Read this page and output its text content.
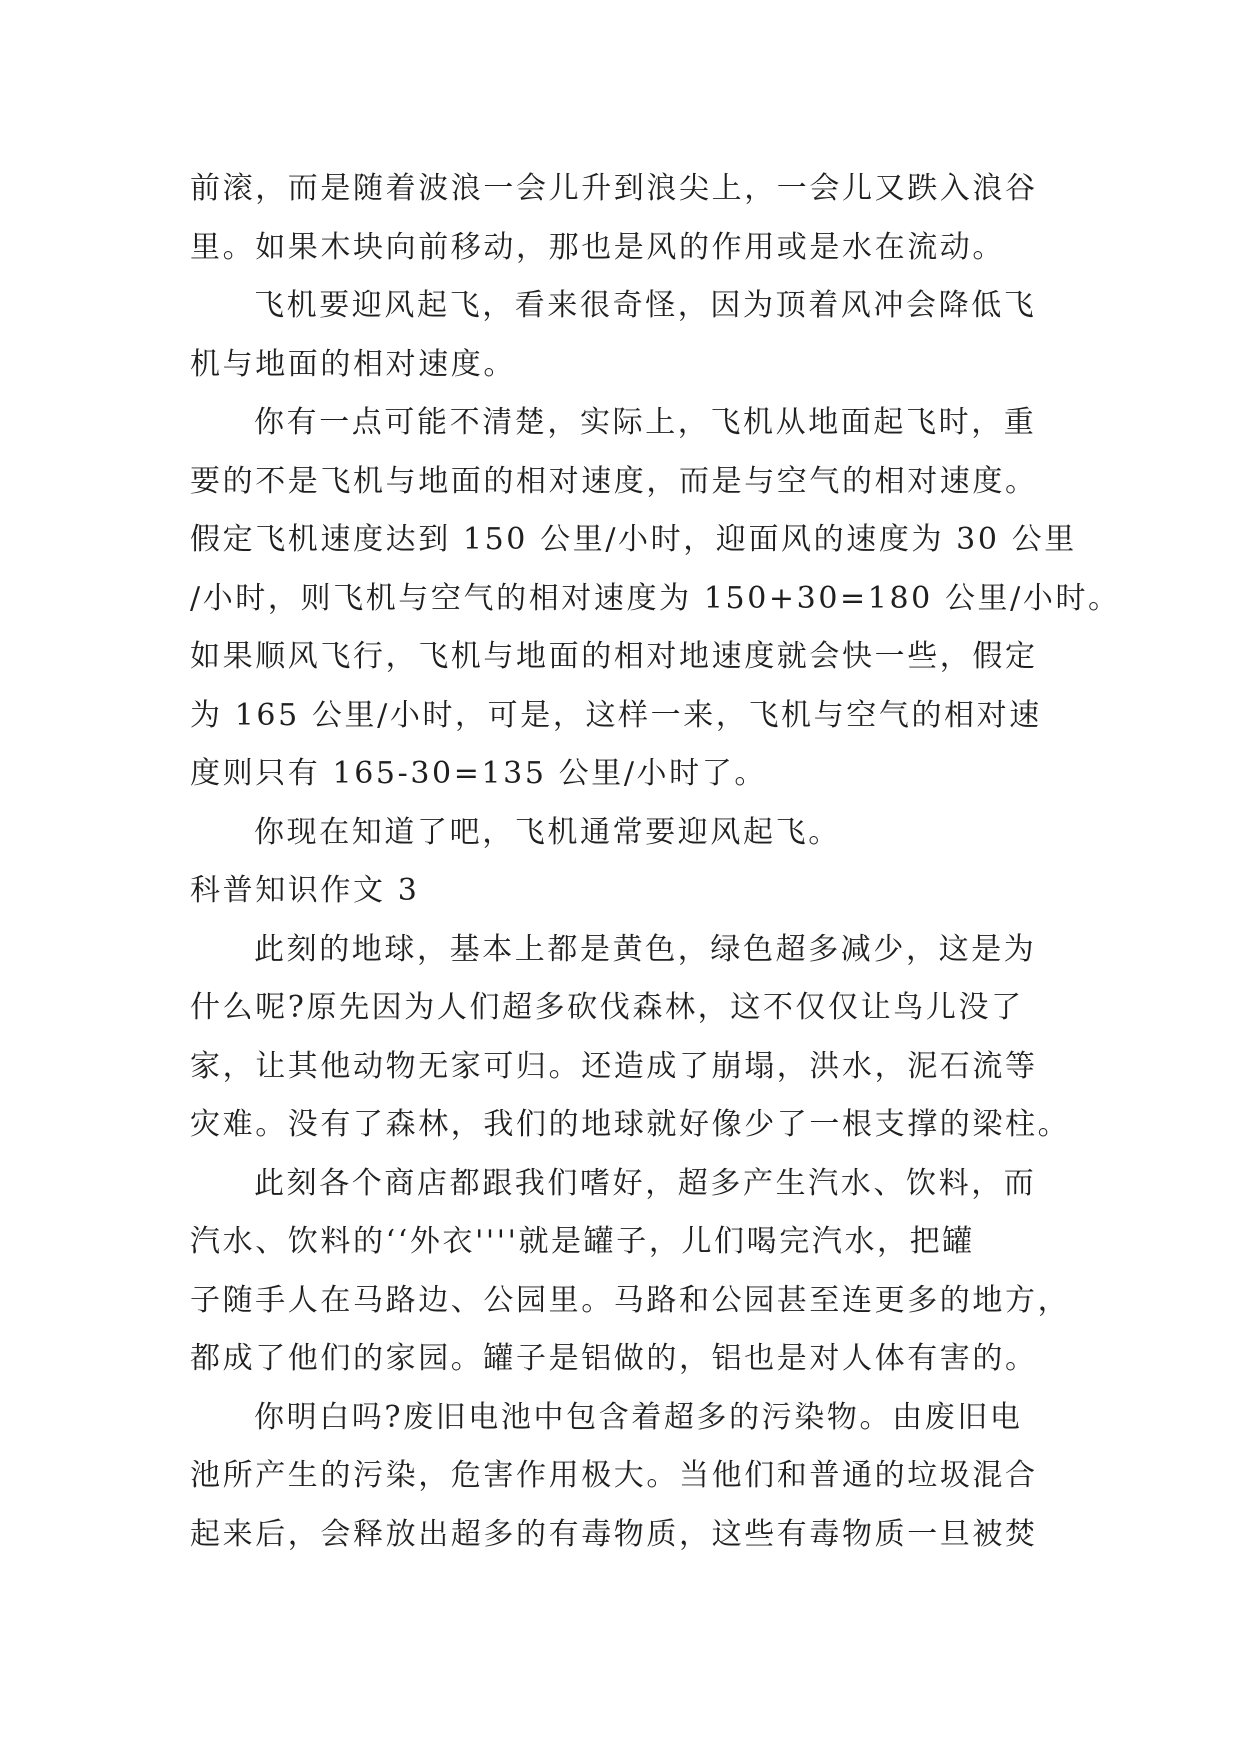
前滚，而是随着波浪一会儿升到浪尖上，一会儿又跌入浪谷
里。如果木块向前移动，那也是风的作用或是水在流动。
飞机要迎风起飞，看来很奇怪，因为顶着风冲会降低飞
机与地面的相对速度。
你有一点可能不清楚，实际上，飞机从地面起飞时，重
要的不是飞机与地面的相对速度，而是与空气的相对速度。
假定飞机速度达到 150 公里/小时，迎面风的速度为 30 公里
/小时，则飞机与空气的相对速度为 150+30=180 公里/小时。
如果顺风飞行，飞机与地面的相对地速度就会快一些，假定
为 165 公里/小时，可是，这样一来，飞机与空气的相对速
度则只有 165-30=135 公里/小时了。
你现在知道了吧，飞机通常要迎风起飞。
科普知识作文 3
此刻的地球，基本上都是黄色，绿色超多减少，这是为
什么呢?原先因为人们超多砍伐森林，这不仅仅让鸟儿没了
家，让其他动物无家可归。还造成了崩塌，洪水，泥石流等
灾难。没有了森林，我们的地球就好像少了一根支撑的梁柱。
此刻各个商店都跟我们嗜好，超多产生汽水、饮料，而
汽水、饮料的‘‘外衣''''就是罐子，儿们喝完汽水，把罐
子随手人在马路边、公园里。马路和公园甚至连更多的地方，
都成了他们的家园。罐子是铝做的，铝也是对人体有害的。
你明白吗?废旧电池中包含着超多的污染物。由废旧电
池所产生的污染，危害作用极大。当他们和普通的垃圾混合
起来后，会释放出超多的有毒物质，这些有毒物质一旦被焚
